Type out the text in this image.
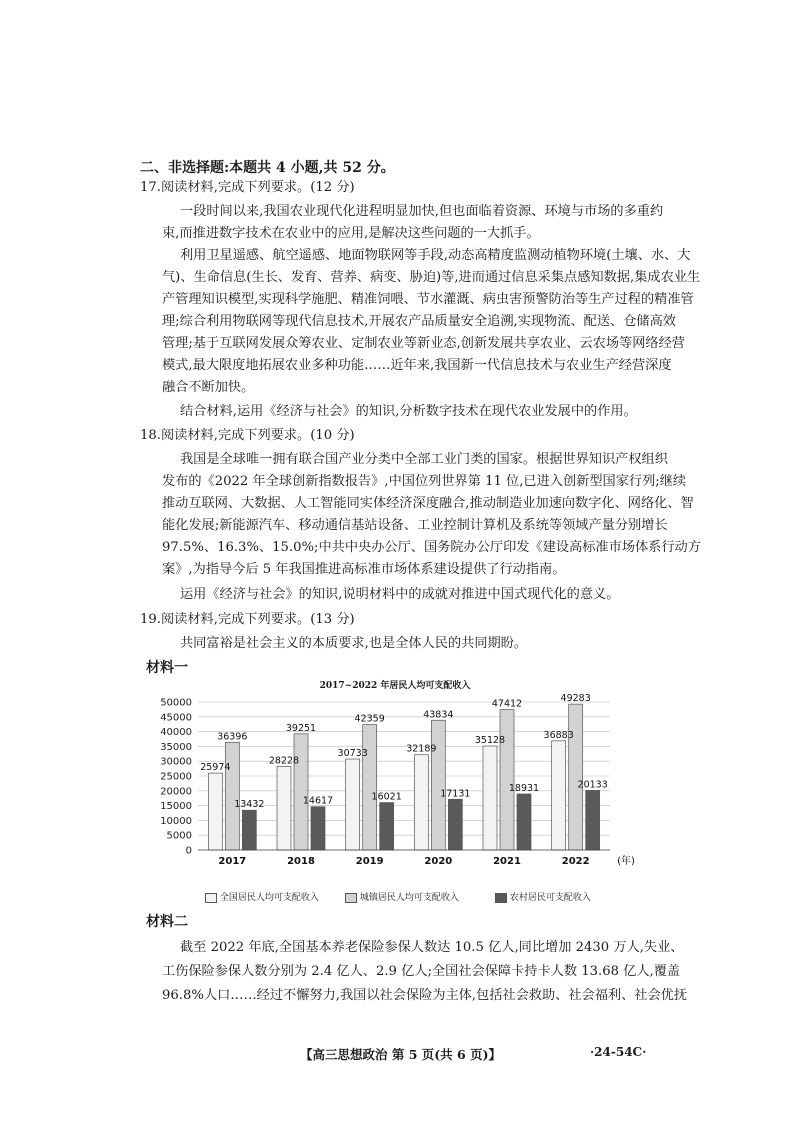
二、非选择题:本题共 4 小题,共 52 分。
17.阅读材料,完成下列要求。(12 分)
一段时间以来,我国农业现代化进程明显加快,但也面临着资源、环境与市场的多重约
束,而推进数字技术在农业中的应用,是解决这些问题的一大抓手。
利用卫星遥感、航空遥感、地面物联网等手段,动态高精度监测动植物环境(土壤、水、大
气)、生命信息(生长、发育、营养、病变、胁迫)等,进而通过信息采集点感知数据,集成农业生
产管理知识模型,实现科学施肥、精准饲喂、节水灌溉、病虫害预警防治等生产过程的精准管
理;综合利用物联网等现代信息技术,开展农产品质量安全追溯,实现物流、配送、仓储高效
管理;基于互联网发展众筹农业、定制农业等新业态,创新发展共享农业、云农场等网络经营
模式,最大限度地拓展农业多种功能……近年来,我国新一代信息技术与农业生产经营深度
融合不断加快。
结合材料,运用《经济与社会》的知识,分析数字技术在现代农业发展中的作用。
18.阅读材料,完成下列要求。(10 分)
我国是全球唯一拥有联合国产业分类中全部工业门类的国家。根据世界知识产权组织
发布的《2022 年全球创新指数报告》,中国位列世界第 11 位,已进入创新型国家行列;继续
推动互联网、大数据、人工智能同实体经济深度融合,推动制造业加速向数字化、网络化、智
能化发展;新能源汽车、移动通信基站设备、工业控制计算机及系统等领域产量分别增长
97.5%、16.3%、15.0%;中共中央办公厅、国务院办公厅印发《建设高标准市场体系行动方
案》,为指导今后 5 年我国推进高标准市场体系建设提供了行动指南。
运用《经济与社会》的知识,说明材料中的成就对推进中国式现代化的意义。
19.阅读材料,完成下列要求。(13 分)
共同富裕是社会主义的本质要求,也是全体人民的共同期盼。
材料一
2017~2022 年居民人均可支配收入
25974
36396
13432
28228
39251
14617
30733
42359
16021
32189
43834
17131
35128
47412
18931
36883
49283
20133
0
5000
10000
15000
20000
25000
30000
35000
40000
45000
50000
2017	2018	2019	2020	2021	2022	(年)
全国居民人均可支配收入	城镇居民人均可支配收入	农村居民可支配收入
材料二
截至 2022 年底,全国基本养老保险参保人数达 10.5 亿人,同比增加 2430 万人,失业、
工伤保险参保人数分别为 2.4 亿人、2.9 亿人;全国社会保障卡持卡人数 13.68 亿人,覆盖
96.8%人口……经过不懈努力,我国以社会保险为主体,包括社会救助、社会福利、社会优抚
【高三思想政治 第 5 页(共 6 页)】	·24-54C·
